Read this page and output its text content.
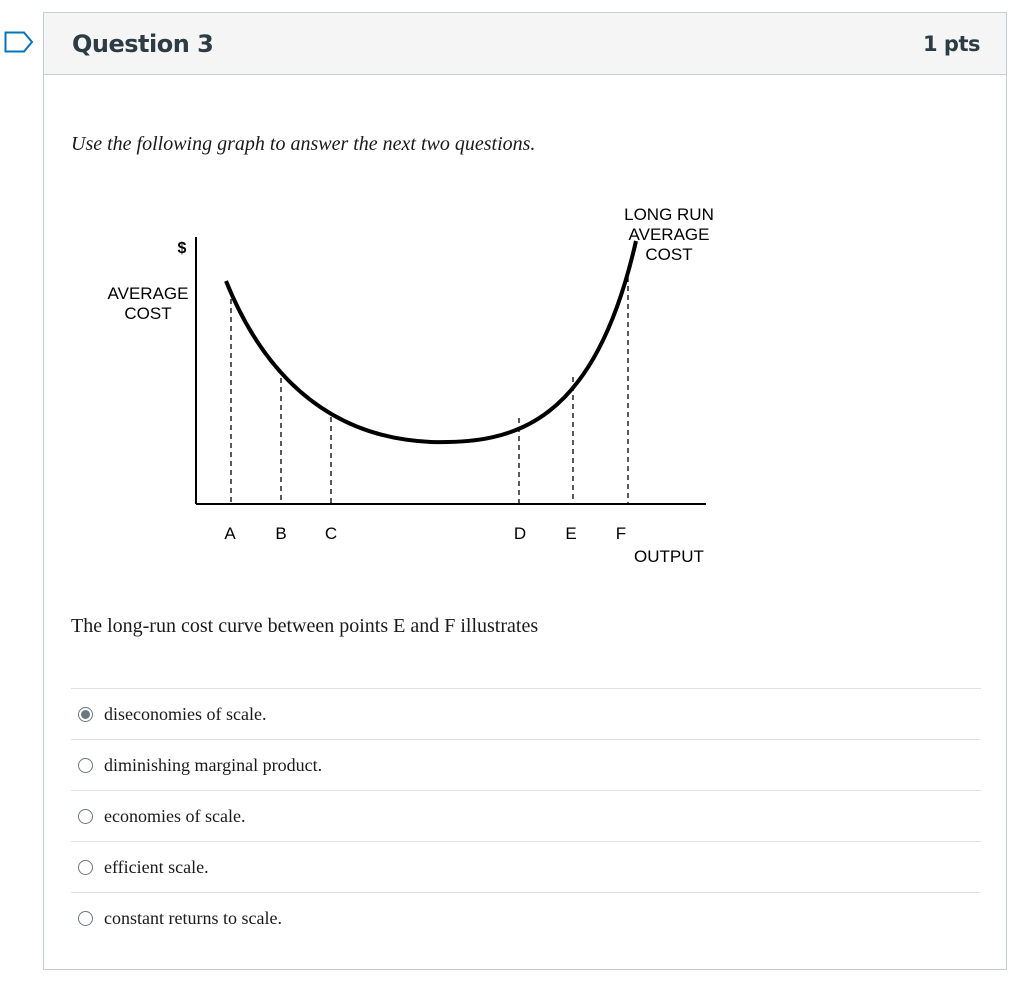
Question 3	1 pts
Use the following graph to answer the next two questions.
$
AVERAGE
COST
LONG RUN
AVERAGE
COST
OUTPUT
A B C	D E F
The long-run cost curve between points E and F illustrates
diseconomies of scale.
diminishing marginal product.
economies of scale.
efficient scale.
constant returns to scale.
